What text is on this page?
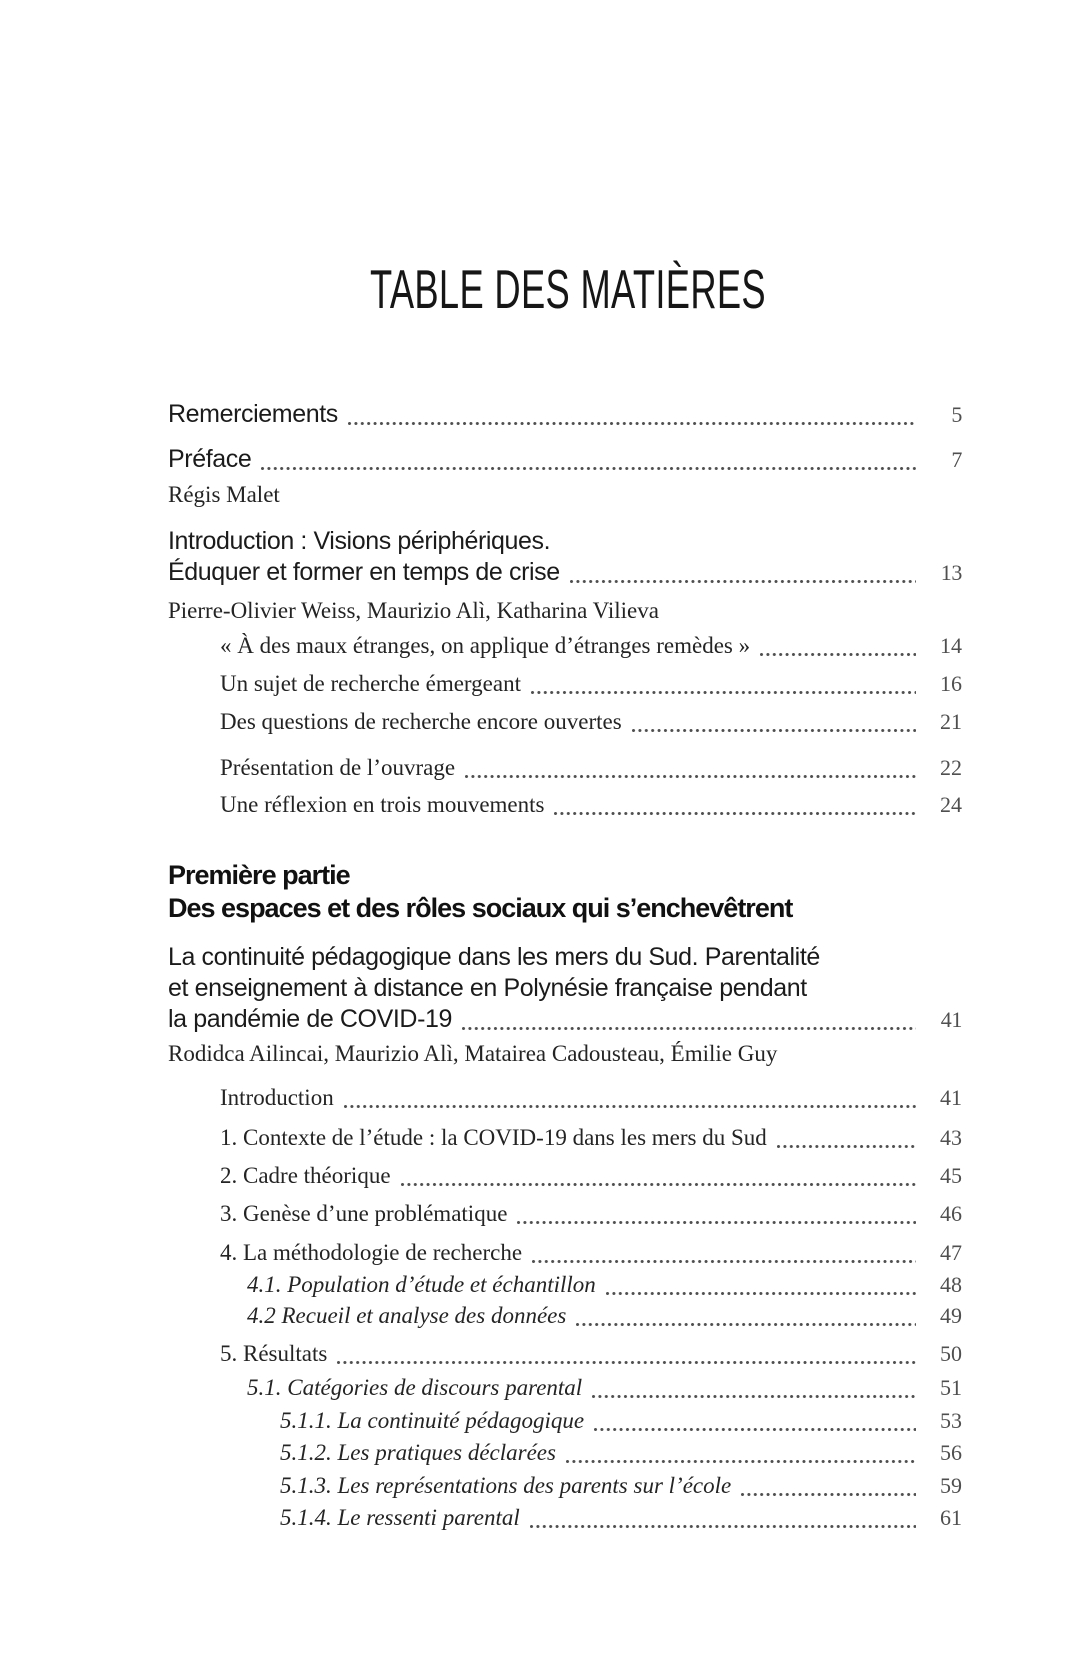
TABLE DES MATIÈRES
Remerciements	5
Préface	7
Régis Malet
Introduction : Visions périphériques.
Éduquer et former en temps de crise	13
Pierre-Olivier Weiss, Maurizio Alì, Katharina Vilieva
« À des maux étranges, on applique d’étranges remèdes »	14
Un sujet de recherche émergeant	16
Des questions de recherche encore ouvertes	21
Présentation de l’ouvrage	22
Une réflexion en trois mouvements	24
Première partie
Des espaces et des rôles sociaux qui s’enchevêtrent
La continuité pédagogique dans les mers du Sud. Parentalité
et enseignement à distance en Polynésie française pendant
la pandémie de COVID-19	41
Rodidca Ailincai, Maurizio Alì, Matairea Cadousteau, Émilie Guy
Introduction	41
1. Contexte de l’étude : la COVID-19 dans les mers du Sud	43
2. Cadre théorique	45
3. Genèse d’une problématique	46
4. La méthodologie de recherche	47
4.1. Population d’étude et échantillon	48
4.2 Recueil et analyse des données	49
5. Résultats	50
5.1. Catégories de discours parental	51
5.1.1. La continuité pédagogique	53
5.1.2. Les pratiques déclarées	56
5.1.3. Les représentations des parents sur l’école	59
5.1.4. Le ressenti parental	61
